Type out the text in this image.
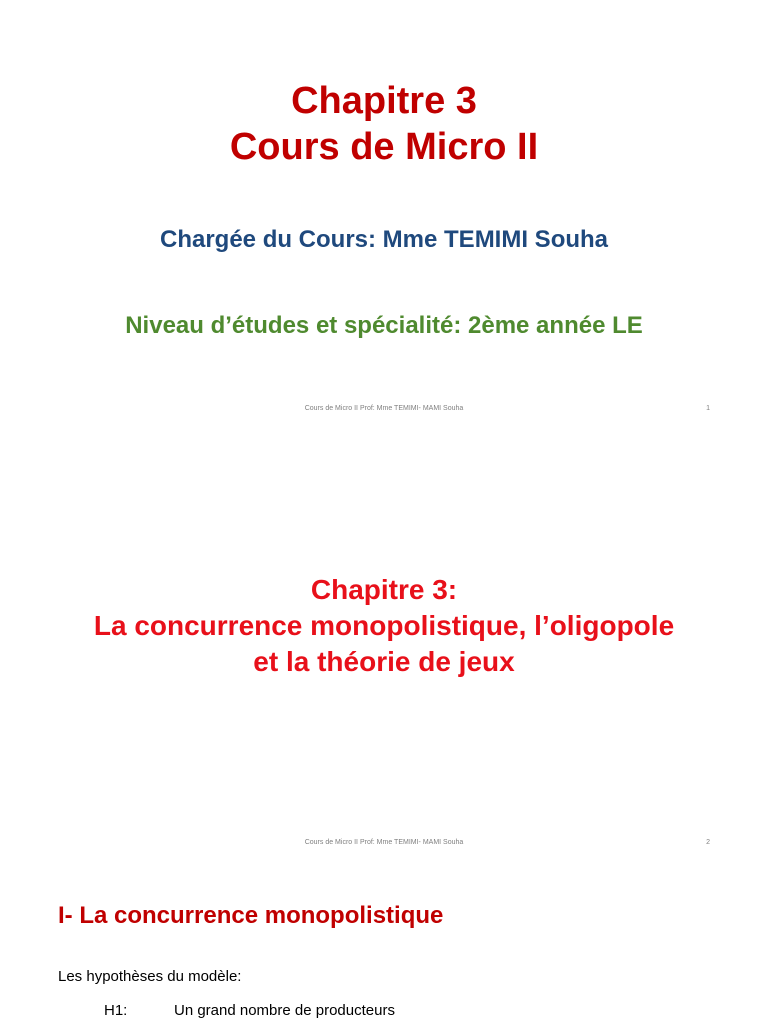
Chapitre 3
Cours de Micro II
Chargée du Cours: Mme TEMIMI Souha
Niveau d’études et spécialité: 2ème année LE
Cours de Micro II Prof: Mme TEMIMI- MAMI Souha	1
Chapitre 3:
La concurrence monopolistique, l’oligopole
et la théorie de jeux
Cours de Micro II Prof: Mme TEMIMI- MAMI Souha	2
I- La concurrence monopolistique
Les hypothèses du modèle:
H1:	Un grand nombre de producteurs
